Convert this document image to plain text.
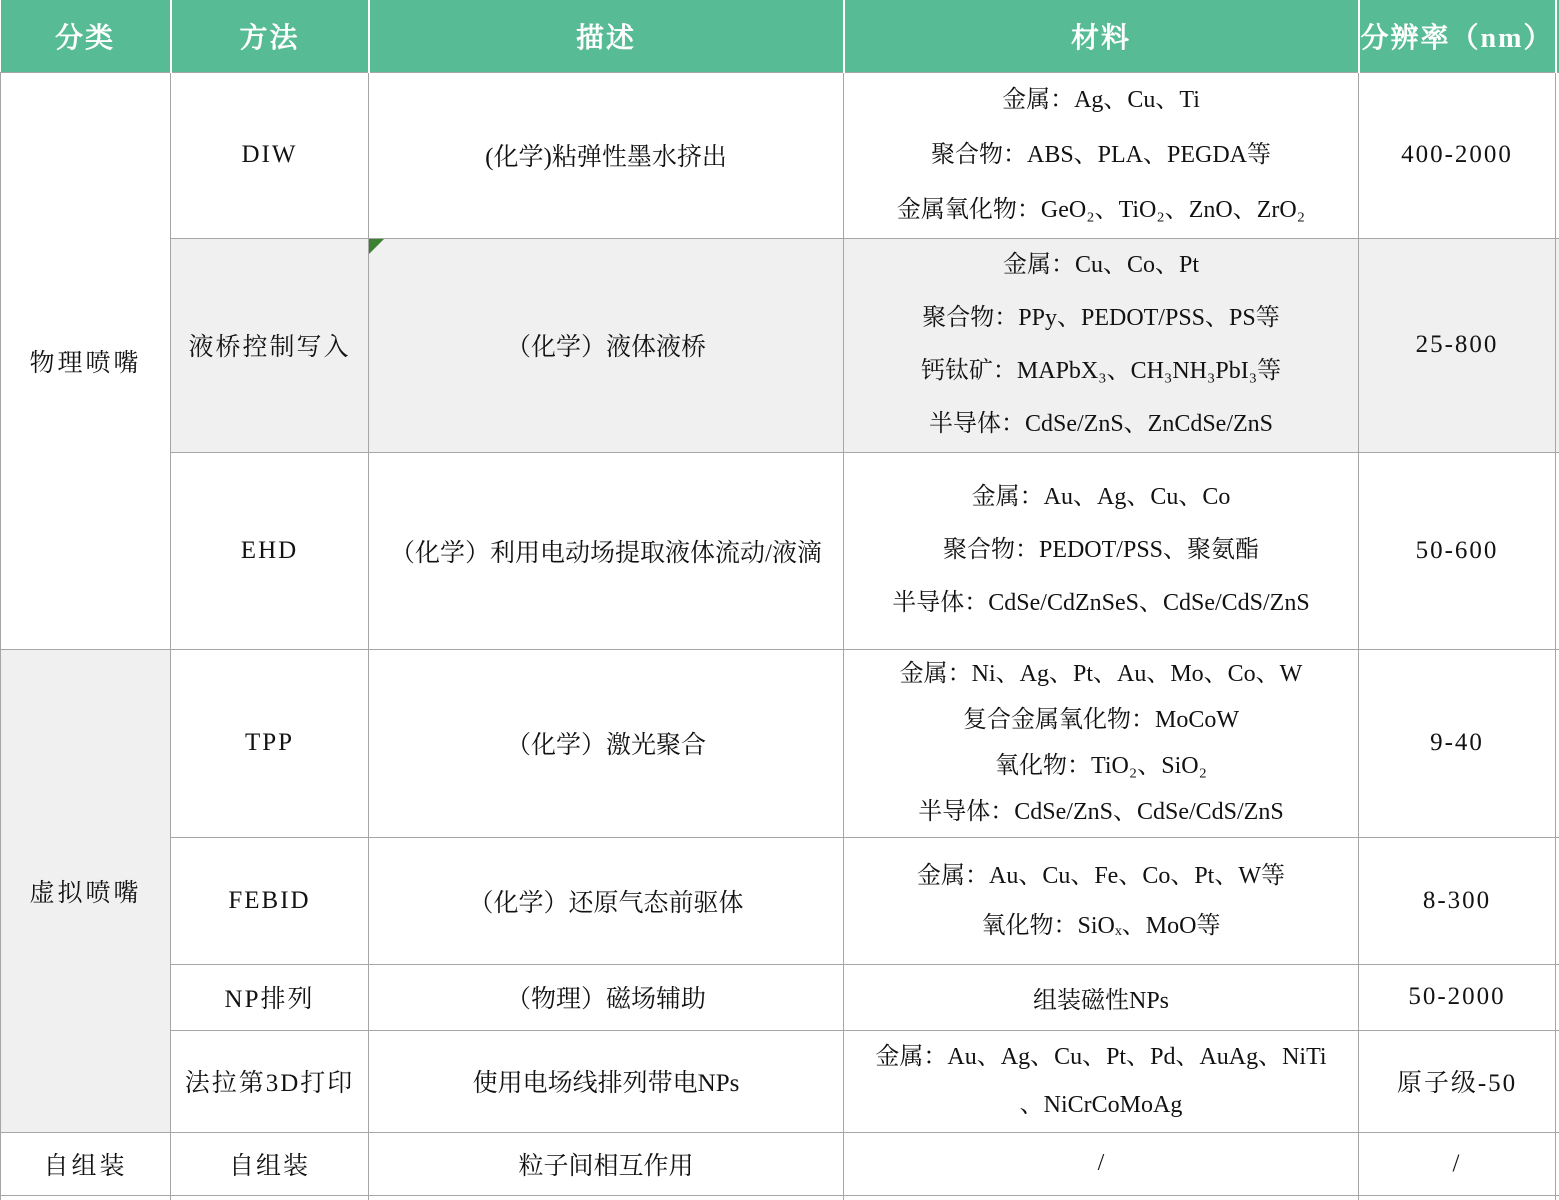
分类	方法	描述	材料	分辨率（nm）	
物理喷嘴	DIW	(化学)粘弹性墨水挤出	金属：Ag、Cu、Ti
聚合物：ABS、PLA、PEGDA等
金属氧化物：GeO₂、TiO₂、ZnO、ZrO₂	400-2000	
	液桥控制写入	（化学）液体液桥	金属：Cu、Co、Pt
聚合物：PPy、PEDOT/PSS、PS等
钙钛矿：MAPbX₃、CH₃NH₃PbI₃等
半导体：CdSe/ZnS、ZnCdSe/ZnS	25-800	
	EHD	（化学）利用电动场提取液体流动/液滴	金属：Au、Ag、Cu、Co
聚合物：PEDOT/PSS、聚氨酯
半导体：CdSe/CdZnSeS、CdSe/CdS/ZnS	50-600	
虚拟喷嘴	TPP	（化学）激光聚合	金属：Ni、Ag、Pt、Au、Mo、Co、W
复合金属氧化物：MoCoW
氧化物：TiO₂、SiO₂
半导体：CdSe/ZnS、CdSe/CdS/ZnS	9-40	
	FEBID	（化学）还原气态前驱体	金属：Au、Cu、Fe、Co、Pt、W等
氧化物：SiOₓ、MoO等	8-300	
	NP排列	（物理）磁场辅助	组装磁性NPs	50-2000	
	法拉第3D打印	使用电场线排列带电NPs	金属：Au、Ag、Cu、Pt、Pd、AuAg、NiTi
、NiCrCoMoAg	原子级-50	
自组装	自组装	粒子间相互作用	/	/	
